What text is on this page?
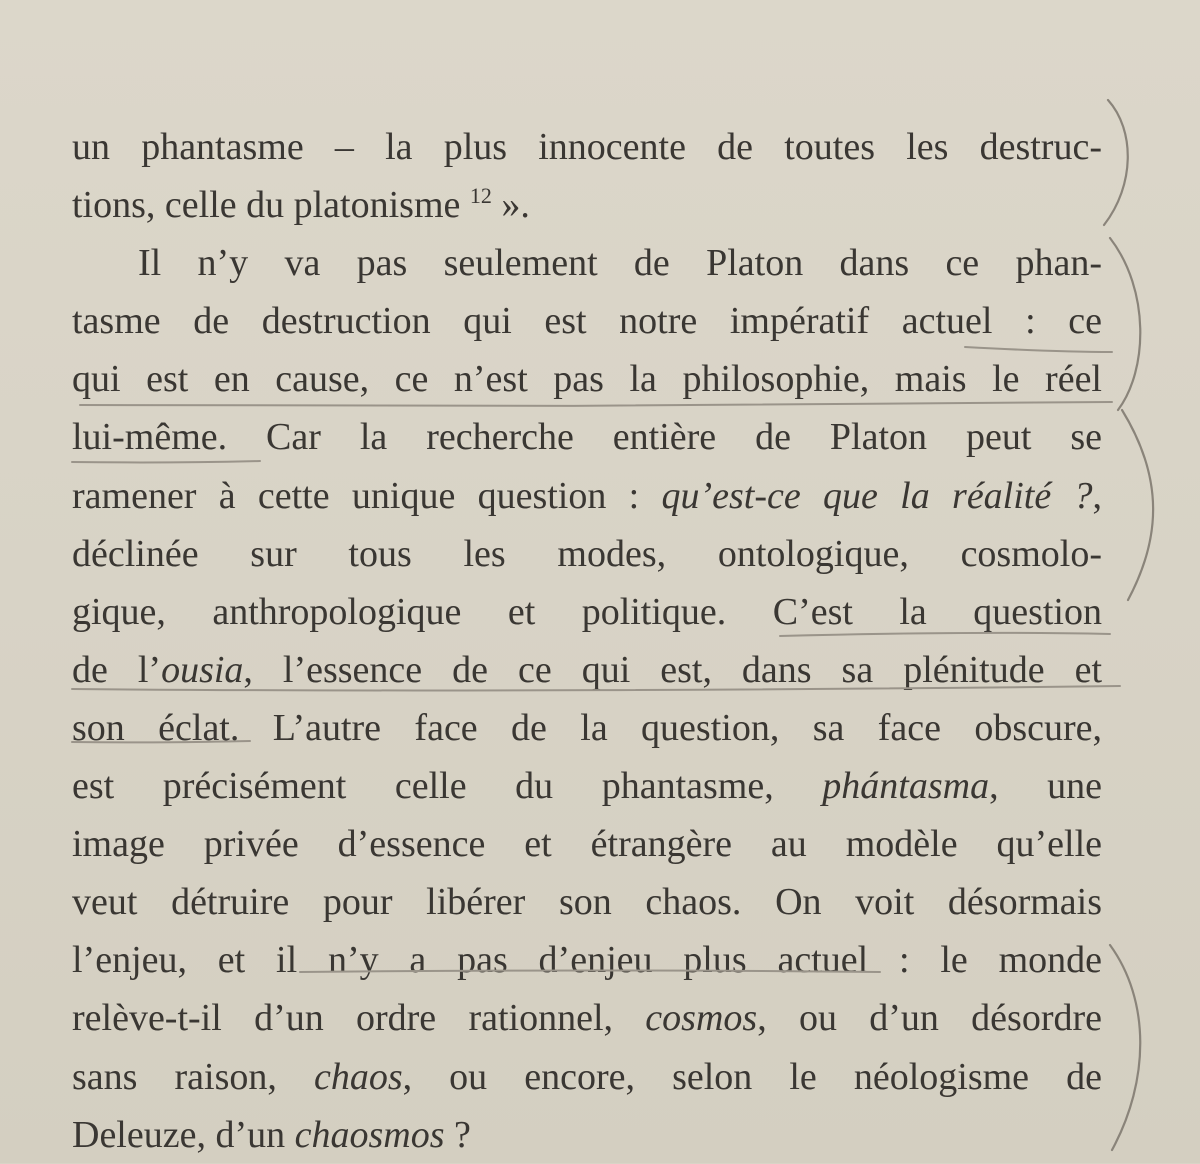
un phantasme – la plus innocente de toutes les destruc-
tions, celle du platonisme $^{12}$ ».
Il n’y va pas seulement de Platon dans ce phan-
tasme de destruction qui est notre impératif actuel : ce
qui est en cause, ce n’est pas la philosophie, mais le réel
lui-même. Car la recherche entière de Platon peut se
ramener à cette unique question : qu’est-ce que la réalité ?,
déclinée sur tous les modes, ontologique, cosmolo-
gique, anthropologique et politique. C’est la question
de l’ousia, l’essence de ce qui est, dans sa plénitude et
son éclat. L’autre face de la question, sa face obscure,
est précisément celle du phantasme, phántasma, une
image privée d’essence et étrangère au modèle qu’elle
veut détruire pour libérer son chaos. On voit désormais
l’enjeu, et il n’y a pas d’enjeu plus actuel : le monde
relève-t-il d’un ordre rationnel, cosmos, ou d’un désordre
sans raison, chaos, ou encore, selon le néologisme de
Deleuze, d’un chaosmos ?
